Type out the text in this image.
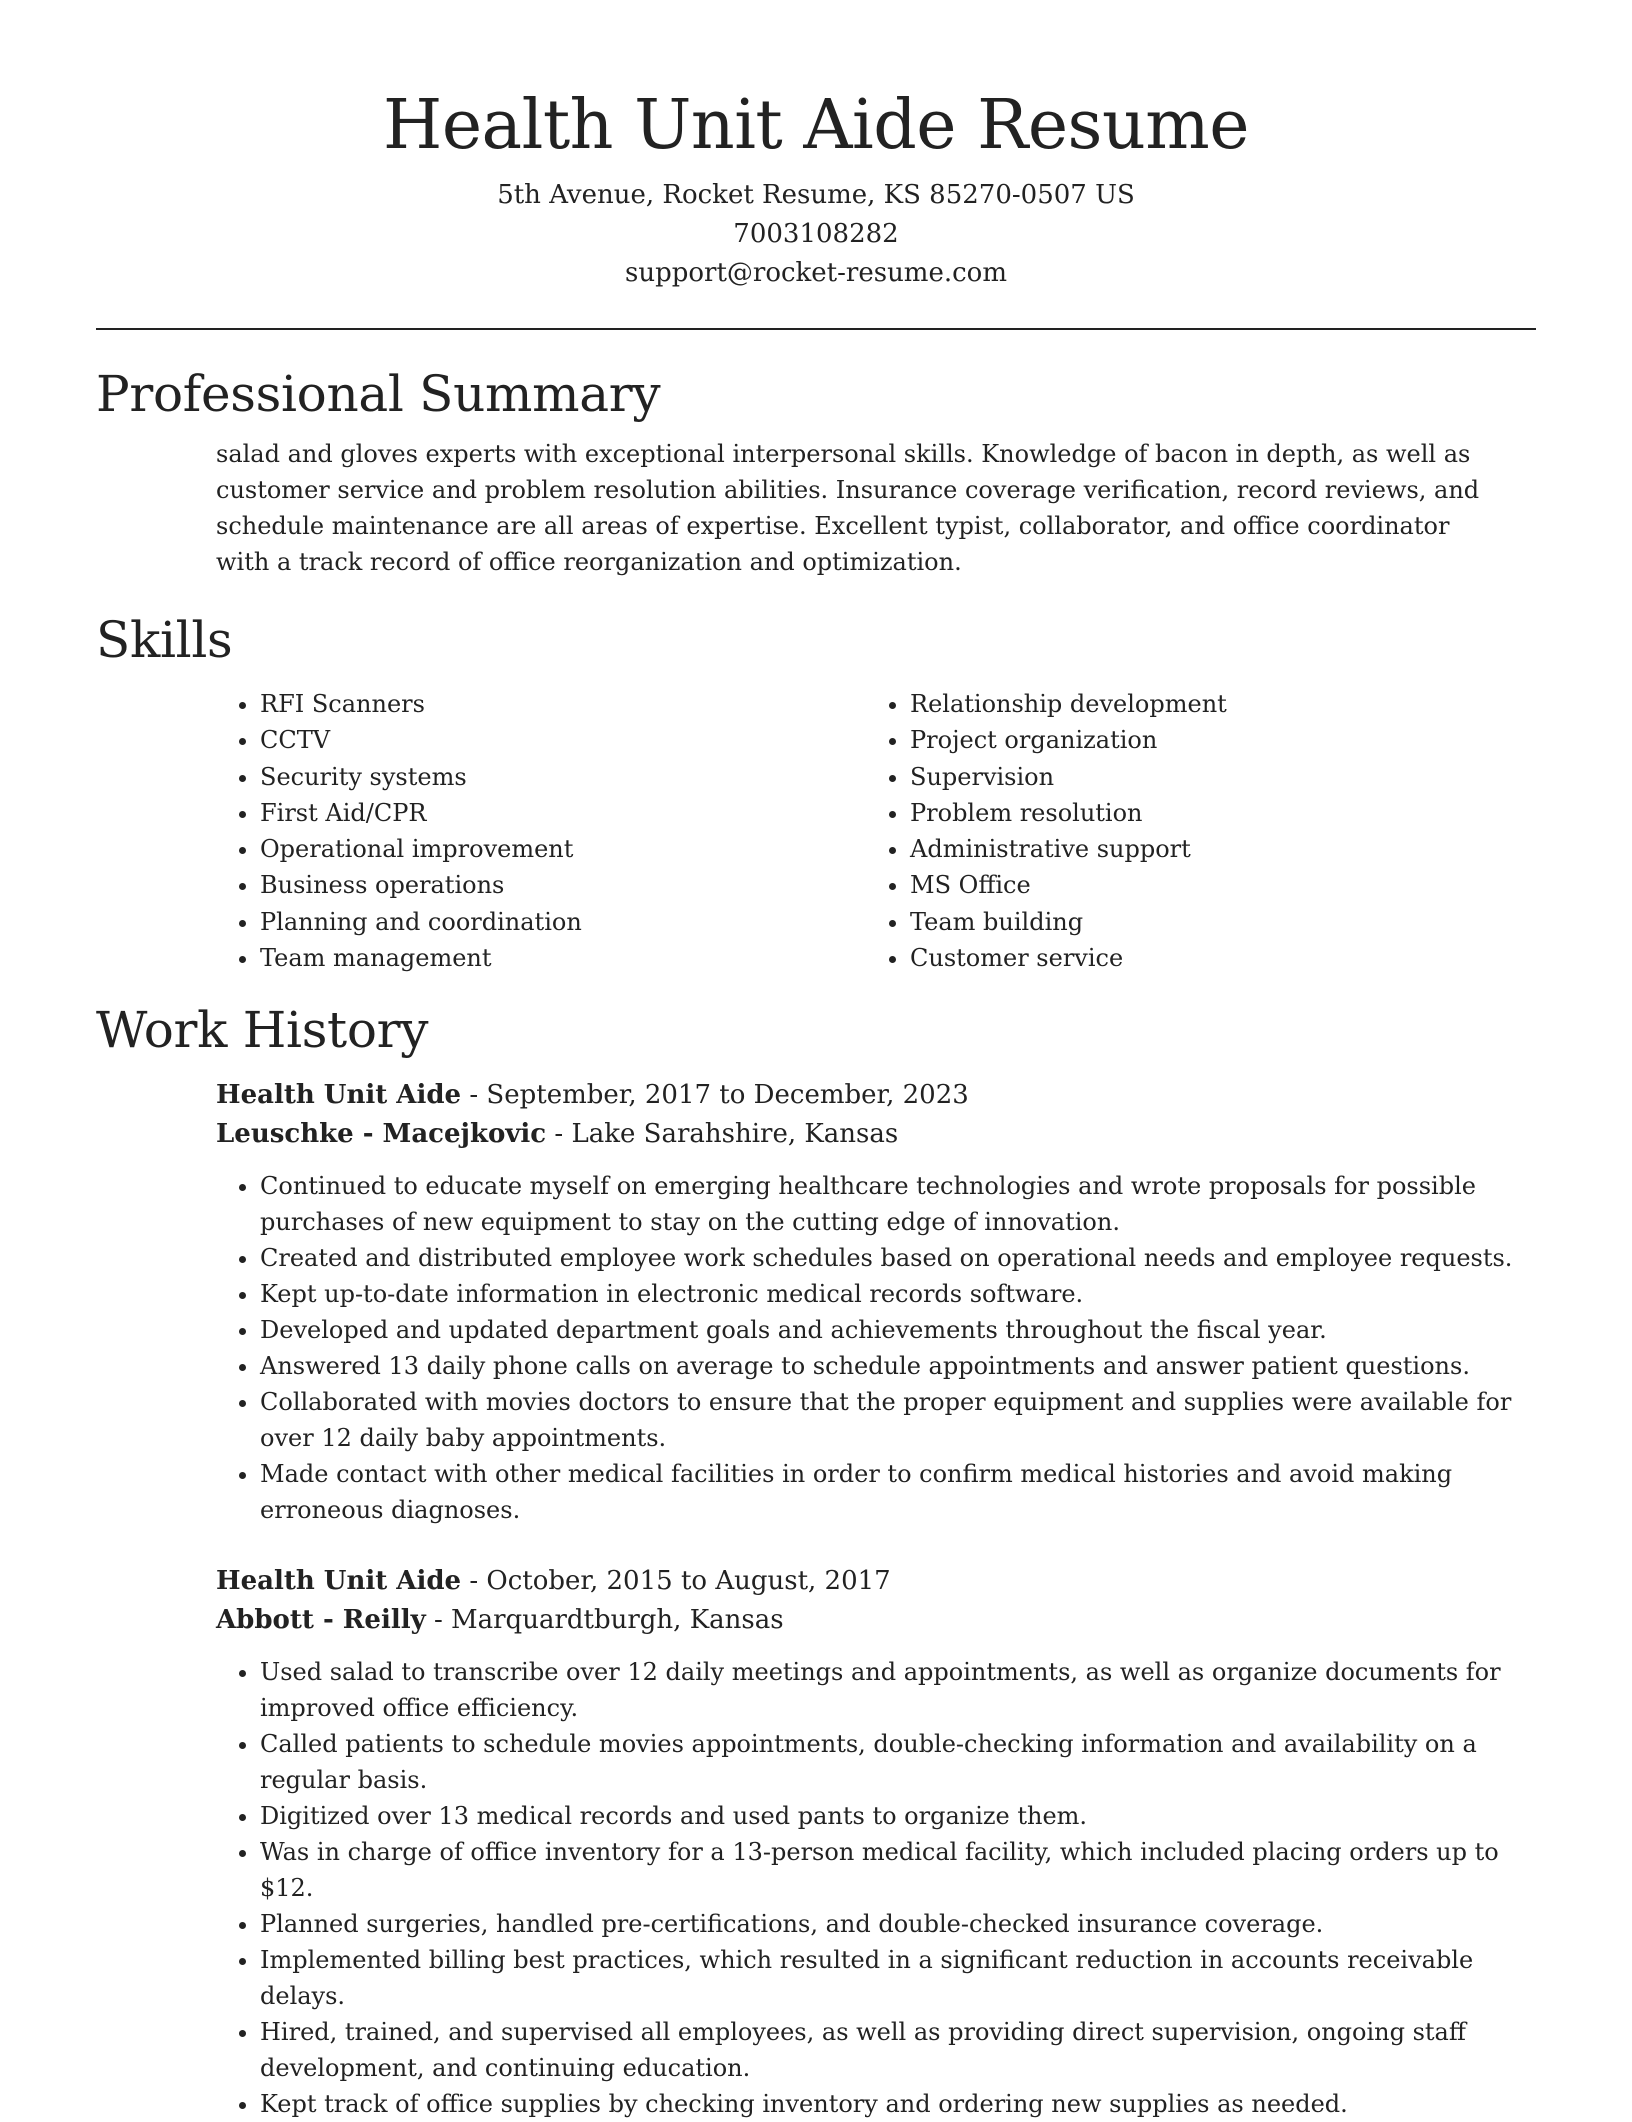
Health Unit Aide Resume

5th Avenue, Rocket Resume, KS 85270-0507 US

7003108282

support@rocket-resume.com

Professional Summary

salad and gloves experts with exceptional interpersonal skills. Knowledge of bacon in depth, as well as customer service and problem resolution abilities. Insurance coverage verification, record reviews, and schedule maintenance are all areas of expertise. Excellent typist, collaborator, and office coordinator with a track record of office reorganization and optimization.

Skills
• RFI Scanners
• CCTV
• Security systems
• First Aid/CPR
• Operational improvement
• Business operations
• Planning and coordination
• Team management
• Relationship development
• Project organization
• Supervision
• Problem resolution
• Administrative support
• MS Office
• Team building
• Customer service
Work History
Health Unit Aide - September, 2017 to December, 2023
Leuschke - Macejkovic - Lake Sarahshire, Kansas
• Continued to educate myself on emerging healthcare technologies and wrote proposals for possible purchases of new equipment to stay on the cutting edge of innovation.
• Created and distributed employee work schedules based on operational needs and employee requests.
• Kept up-to-date information in electronic medical records software.
• Developed and updated department goals and achievements throughout the fiscal year.
• Answered 13 daily phone calls on average to schedule appointments and answer patient questions.
• Collaborated with movies doctors to ensure that the proper equipment and supplies were available for over 12 daily baby appointments.
• Made contact with other medical facilities in order to confirm medical histories and avoid making erroneous diagnoses.
Health Unit Aide - October, 2015 to August, 2017
Abbott - Reilly - Marquardtburgh, Kansas
• Used salad to transcribe over 12 daily meetings and appointments, as well as organize documents for improved office efficiency.
• Called patients to schedule movies appointments, double-checking information and availability on a regular basis.
• Digitized over 13 medical records and used pants to organize them.
• Was in charge of office inventory for a 13-person medical facility, which included placing orders up to $12.
• Planned surgeries, handled pre-certifications, and double-checked insurance coverage.
• Implemented billing best practices, which resulted in a significant reduction in accounts receivable delays.
• Hired, trained, and supervised all employees, as well as providing direct supervision, ongoing staff development, and continuing education.
• Kept track of office supplies by checking inventory and ordering new supplies as needed.
